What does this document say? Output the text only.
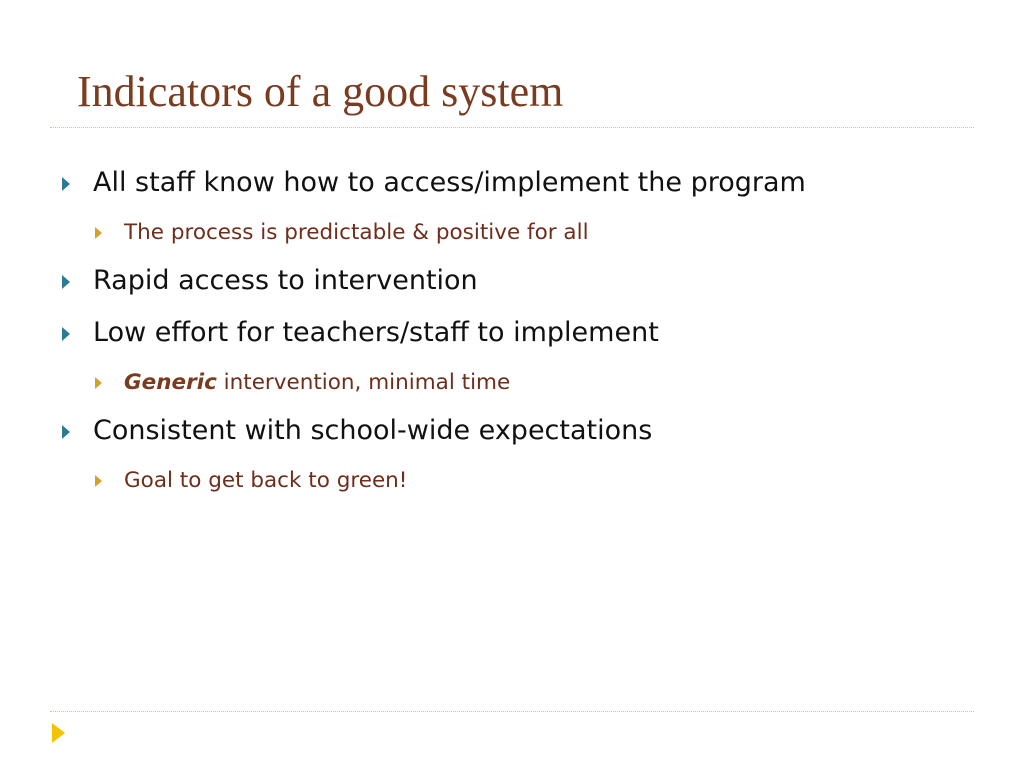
Indicators of a good system
All staff know how to access/implement the program
The process is predictable & positive for all
Rapid access to intervention
Low effort for teachers/staff to implement
Generic intervention, minimal time
Consistent with school-wide expectations
Goal to get back to green!
